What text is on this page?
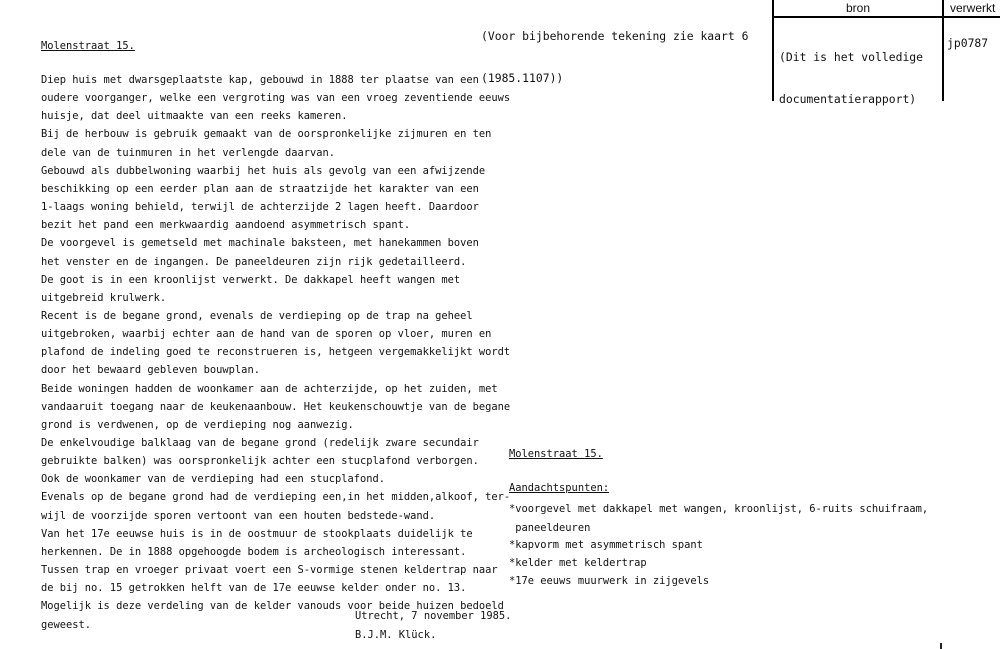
(Voor bijbehorende tekening zie kaart 6

(1985.1107))

bron	verwerkt

(Dit is het volledige

documentatierapport)

jp0787
Molenstraat 15.
Diep huis met dwarsgeplaatste kap, gebouwd in 1888 ter plaatse van een
oudere voorganger, welke een vergroting was van een vroeg zeventiende eeuws
huisje, dat deel uitmaakte van een reeks kameren.
Bij de herbouw is gebruik gemaakt van de oorspronkelijke zijmuren en ten
dele van de tuinmuren in het verlengde daarvan.
Gebouwd als dubbelwoning waarbij het huis als gevolg van een afwijzende
beschikking op een eerder plan aan de straatzijde het karakter van een
1-laags woning behield, terwijl de achterzijde 2 lagen heeft. Daardoor
bezit het pand een merkwaardig aandoend asymmetrisch spant.
De voorgevel is gemetseld met machinale baksteen, met hanekammen boven
het venster en de ingangen. De paneeldeuren zijn rijk gedetailleerd.
De goot is in een kroonlijst verwerkt. De dakkapel heeft wangen met
uitgebreid krulwerk.
Recent is de begane grond, evenals de verdieping op de trap na geheel
uitgebroken, waarbij echter aan de hand van de sporen op vloer, muren en
plafond de indeling goed te reconstrueren is, hetgeen vergemakkelijkt wordt
door het bewaard gebleven bouwplan.
Beide woningen hadden de woonkamer aan de achterzijde, op het zuiden, met
vandaaruit toegang naar de keukenaanbouw. Het keukenschouwtje van de begane
grond is verdwenen, op de verdieping nog aanwezig.
De enkelvoudige balklaag van de begane grond (redelijk zware secundair
gebruikte balken) was oorspronkelijk achter een stucplafond verborgen.
Ook de woonkamer van de verdieping had een stucplafond.
Evenals op de begane grond had de verdieping een,in het midden,alkoof, ter-
wijl de voorzijde sporen vertoont van een houten bedstede-wand.
Van het 17e eeuwse huis is in de oostmuur de stookplaats duidelijk te
herkennen. De in 1888 opgehoogde bodem is archeologisch interessant.
Tussen trap en vroeger privaat voert een S-vormige stenen keldertrap naar
de bij no. 15 getrokken helft van de 17e eeuwse kelder onder no. 13.
Mogelijk is deze verdeling van de kelder vanouds voor beide huizen bedoeld
geweest.
Utrecht, 7 november 1985.
B.J.M. Klück.
Molenstraat 15.
Aandachtspunten:
*voorgevel met dakkapel met wangen, kroonlijst, 6-ruits schuifraam,
paneeldeuren
*kapvorm met asymmetrisch spant
*kelder met keldertrap
*17e eeuws muurwerk in zijgevels
